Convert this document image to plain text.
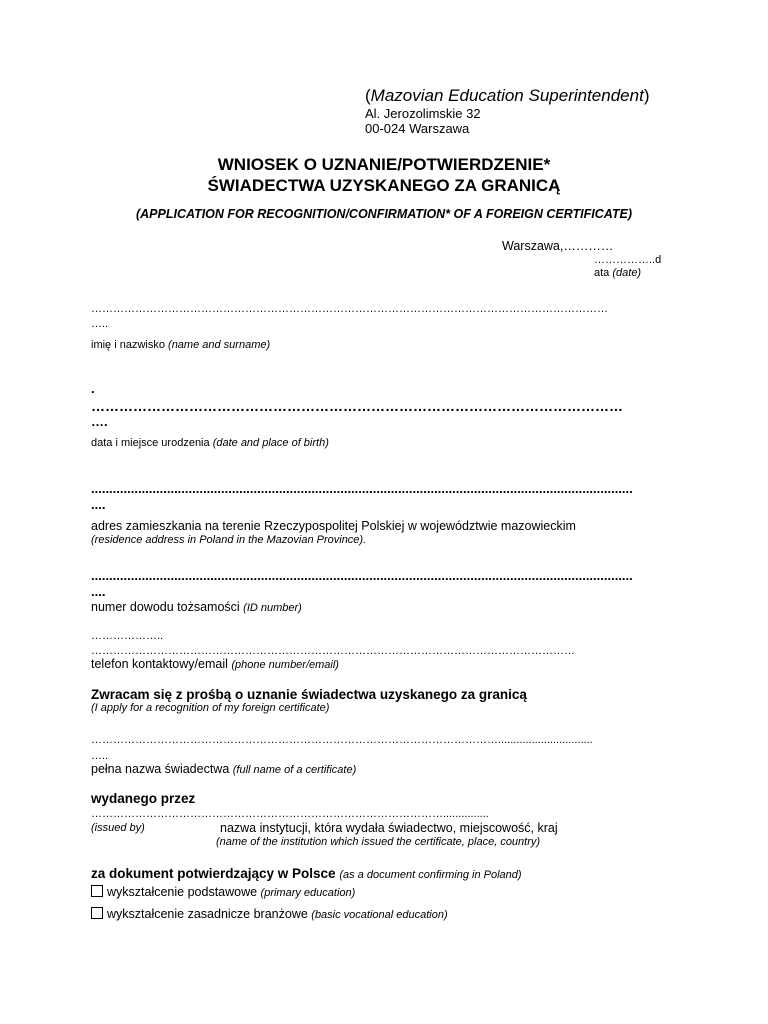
(Mazovian Education Superintendent)
Al. Jerozolimskie 32
00-024 Warszawa
WNIOSEK O UZNANIE/POTWIERDZENIE*
ŚWIADECTWA UZYSKANEGO ZA GRANICĄ
(APPLICATION FOR RECOGNITION/CONFIRMATION* OF A FOREIGN CERTIFICATE)
Warszawa,…………
……………..d
ata (date)
……………………………………………………………………………………………………………………………
…..
imię i nazwisko (name and surname)
.
……………………………………………………………………………………………………
….
data i miejsce urodzenia (date and place of birth)
......................................................................................................................................................
....
adres zamieszkania na terenie Rzeczypospolitej Polskiej w województwie mazowieckim
(residence address in Poland in the Mazovian Province).
......................................................................................................................................................
....
numer dowodu tożsamości (ID number)
………………..
……………………………………………………………………………………………………………………
telefon kontaktowy/email (phone number/email)
Zwracam się z prośbą o uznanie świadectwa uzyskanego za granicą
(I apply for a recognition of my foreign certificate)
…………………………………………………………………………………………………...............................
…..
pełna nazwa świadectwa (full name of a certificate)
wydanego przez
……………………………………………………………………………………...............
(issued by)	nazwa instytucji, która wydała świadectwo, miejscowość, kraj
(name of the institution which issued the certificate, place, country)
za dokument potwierdzający w Polsce (as a document confirming in Poland)
wykształcenie podstawowe (primary education)
wykształcenie zasadnicze branżowe (basic vocational education)
